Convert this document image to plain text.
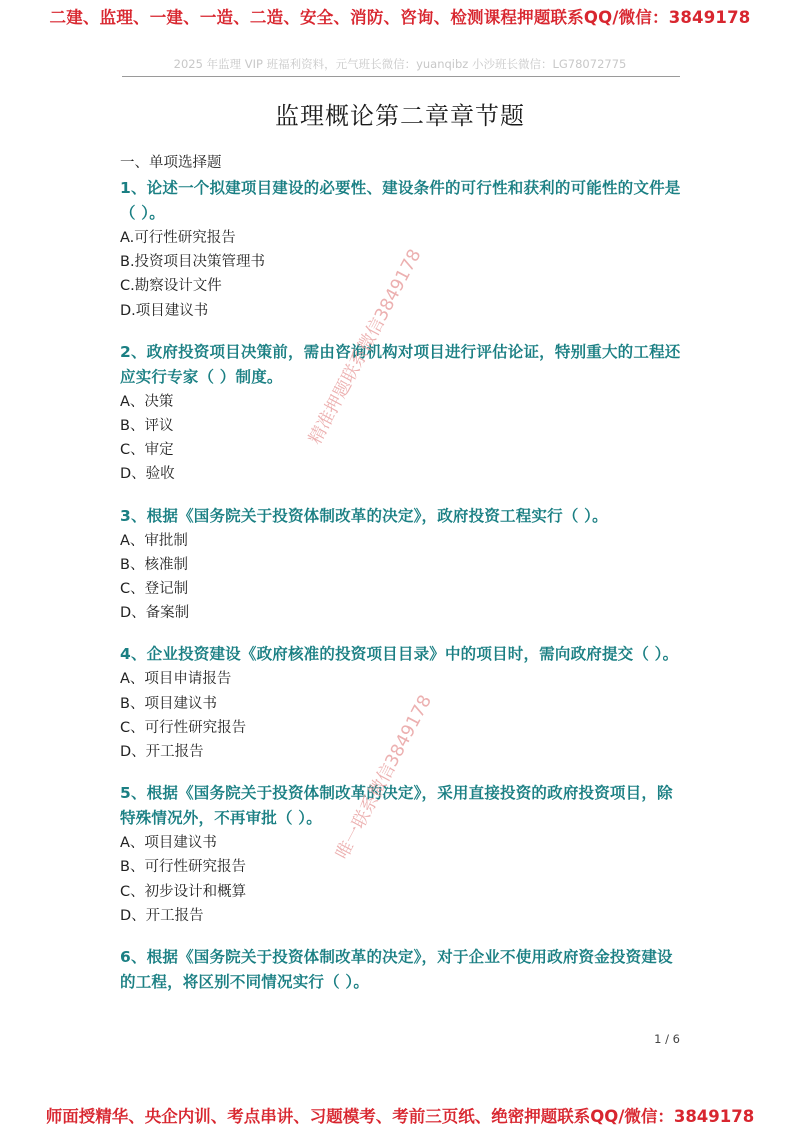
二建、监理、一建、一造、二造、安全、消防、咨询、检测课程押题联系QQ/微信：3849178
2025 年监理 VIP 班福利资料，元气班长微信：yuanqibz 小沙班长微信：LG78072775
监理概论第二章章节题
一、单项选择题
1、论述一个拟建项目建设的必要性、建设条件的可行性和获利的可能性的文件是（ ）。
A.可行性研究报告
B.投资项目决策管理书
C.勘察设计文件
D.项目建议书
2、政府投资项目决策前，需由咨询机构对项目进行评估论证，特别重大的工程还应实行专家（ ）制度。
A、决策
B、评议
C、审定
D、验收
3、根据《国务院关于投资体制改革的决定》，政府投资工程实行（ ）。
A、审批制
B、核准制
C、登记制
D、备案制
4、企业投资建设《政府核准的投资项目目录》中的项目时，需向政府提交（ ）。
A、项目申请报告
B、项目建议书
C、可行性研究报告
D、开工报告
5、根据《国务院关于投资体制改革的决定》，采用直接投资的政府投资项目，除特殊情况外，不再审批（ ）。
A、项目建议书
B、可行性研究报告
C、初步设计和概算
D、开工报告
6、根据《国务院关于投资体制改革的决定》，对于企业不使用政府资金投资建设的工程，将区别不同情况实行（ ）。
精准押题联系微信3849178
唯一联系微信3849178
1 / 6
师面授精华、央企内训、考点串讲、习题模考、考前三页纸、绝密押题联系QQ/微信：3849178
